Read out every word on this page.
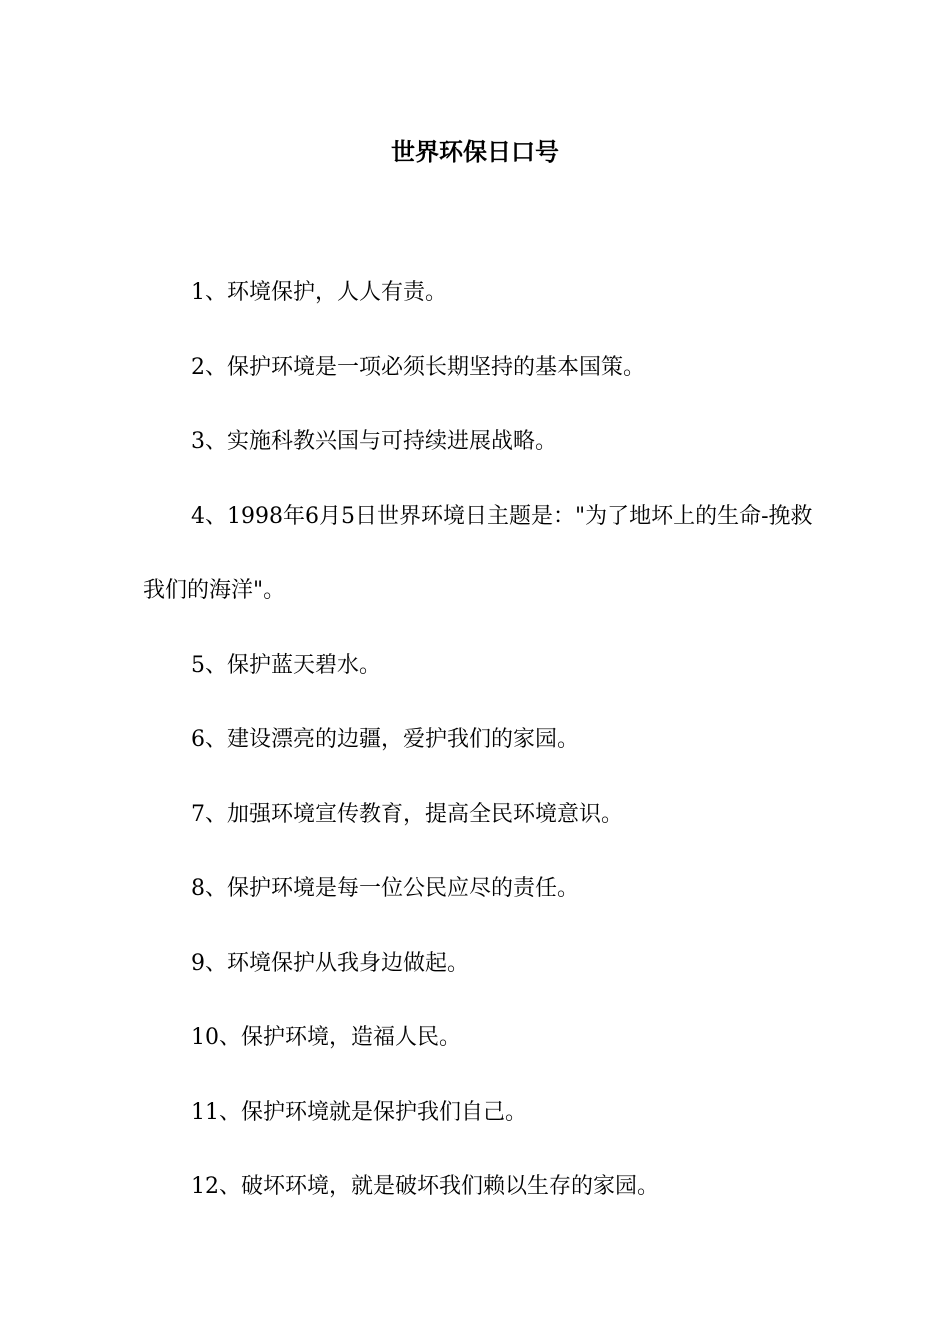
世界环保日口号

1、环境保护，人人有责。

2、保护环境是一项必须长期坚持的基本国策。

3、实施科教兴国与可持续进展战略。

4、1998年6月5日世界环境日主题是："为了地坏上的生命-挽救我们的海洋"。

5、保护蓝天碧水。

6、建设漂亮的边疆，爱护我们的家园。

7、加强环境宣传教育，提高全民环境意识。

8、保护环境是每一位公民应尽的责任。

9、环境保护从我身边做起。

10、保护环境，造福人民。

11、保护环境就是保护我们自己。

12、破坏环境，就是破坏我们赖以生存的家园。
